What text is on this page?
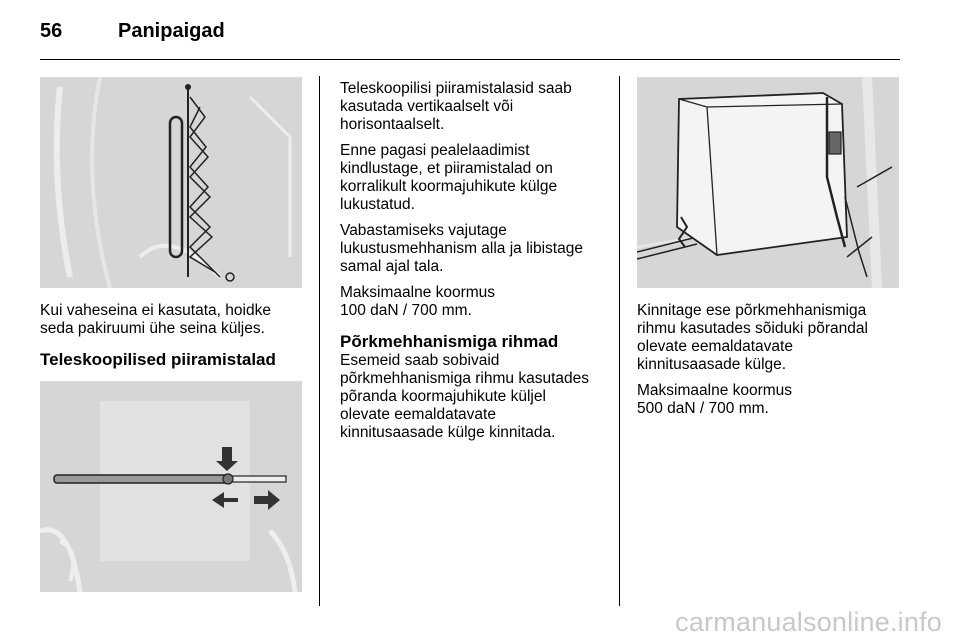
56	Panipaigad

Kui vaheseina ei kasutata, hoidke
seda pakiruumi ühe seina küljes.

Teleskoopilised piiramistalad

Teleskoopilisi piiramistalasid saab
kasutada vertikaalselt või
horisontaalselt.

Enne pagasi pealelaadimist
kindlustage, et piiramistalad on
korralikult koormajuhikute külge
lukustatud.

Vabastamiseks vajutage
lukustusmehhanism alla ja libistage
samal ajal tala.

Maksimaalne koormus
100 daN / 700 mm.

Põrkmehhanismiga rihmad

Esemeid saab sobivaid
põrkmehhanismiga rihmu kasutades
põranda koormajuhikute küljel
olevate eemaldatavate
kinnitusaasade külge kinnitada.

Kinnitage ese põrkmehhanismiga
rihmu kasutades sõiduki põrandal
olevate eemaldatavate
kinnitusaasade külge.

Maksimaalne koormus
500 daN / 700 mm.

carmanualsonline.info
